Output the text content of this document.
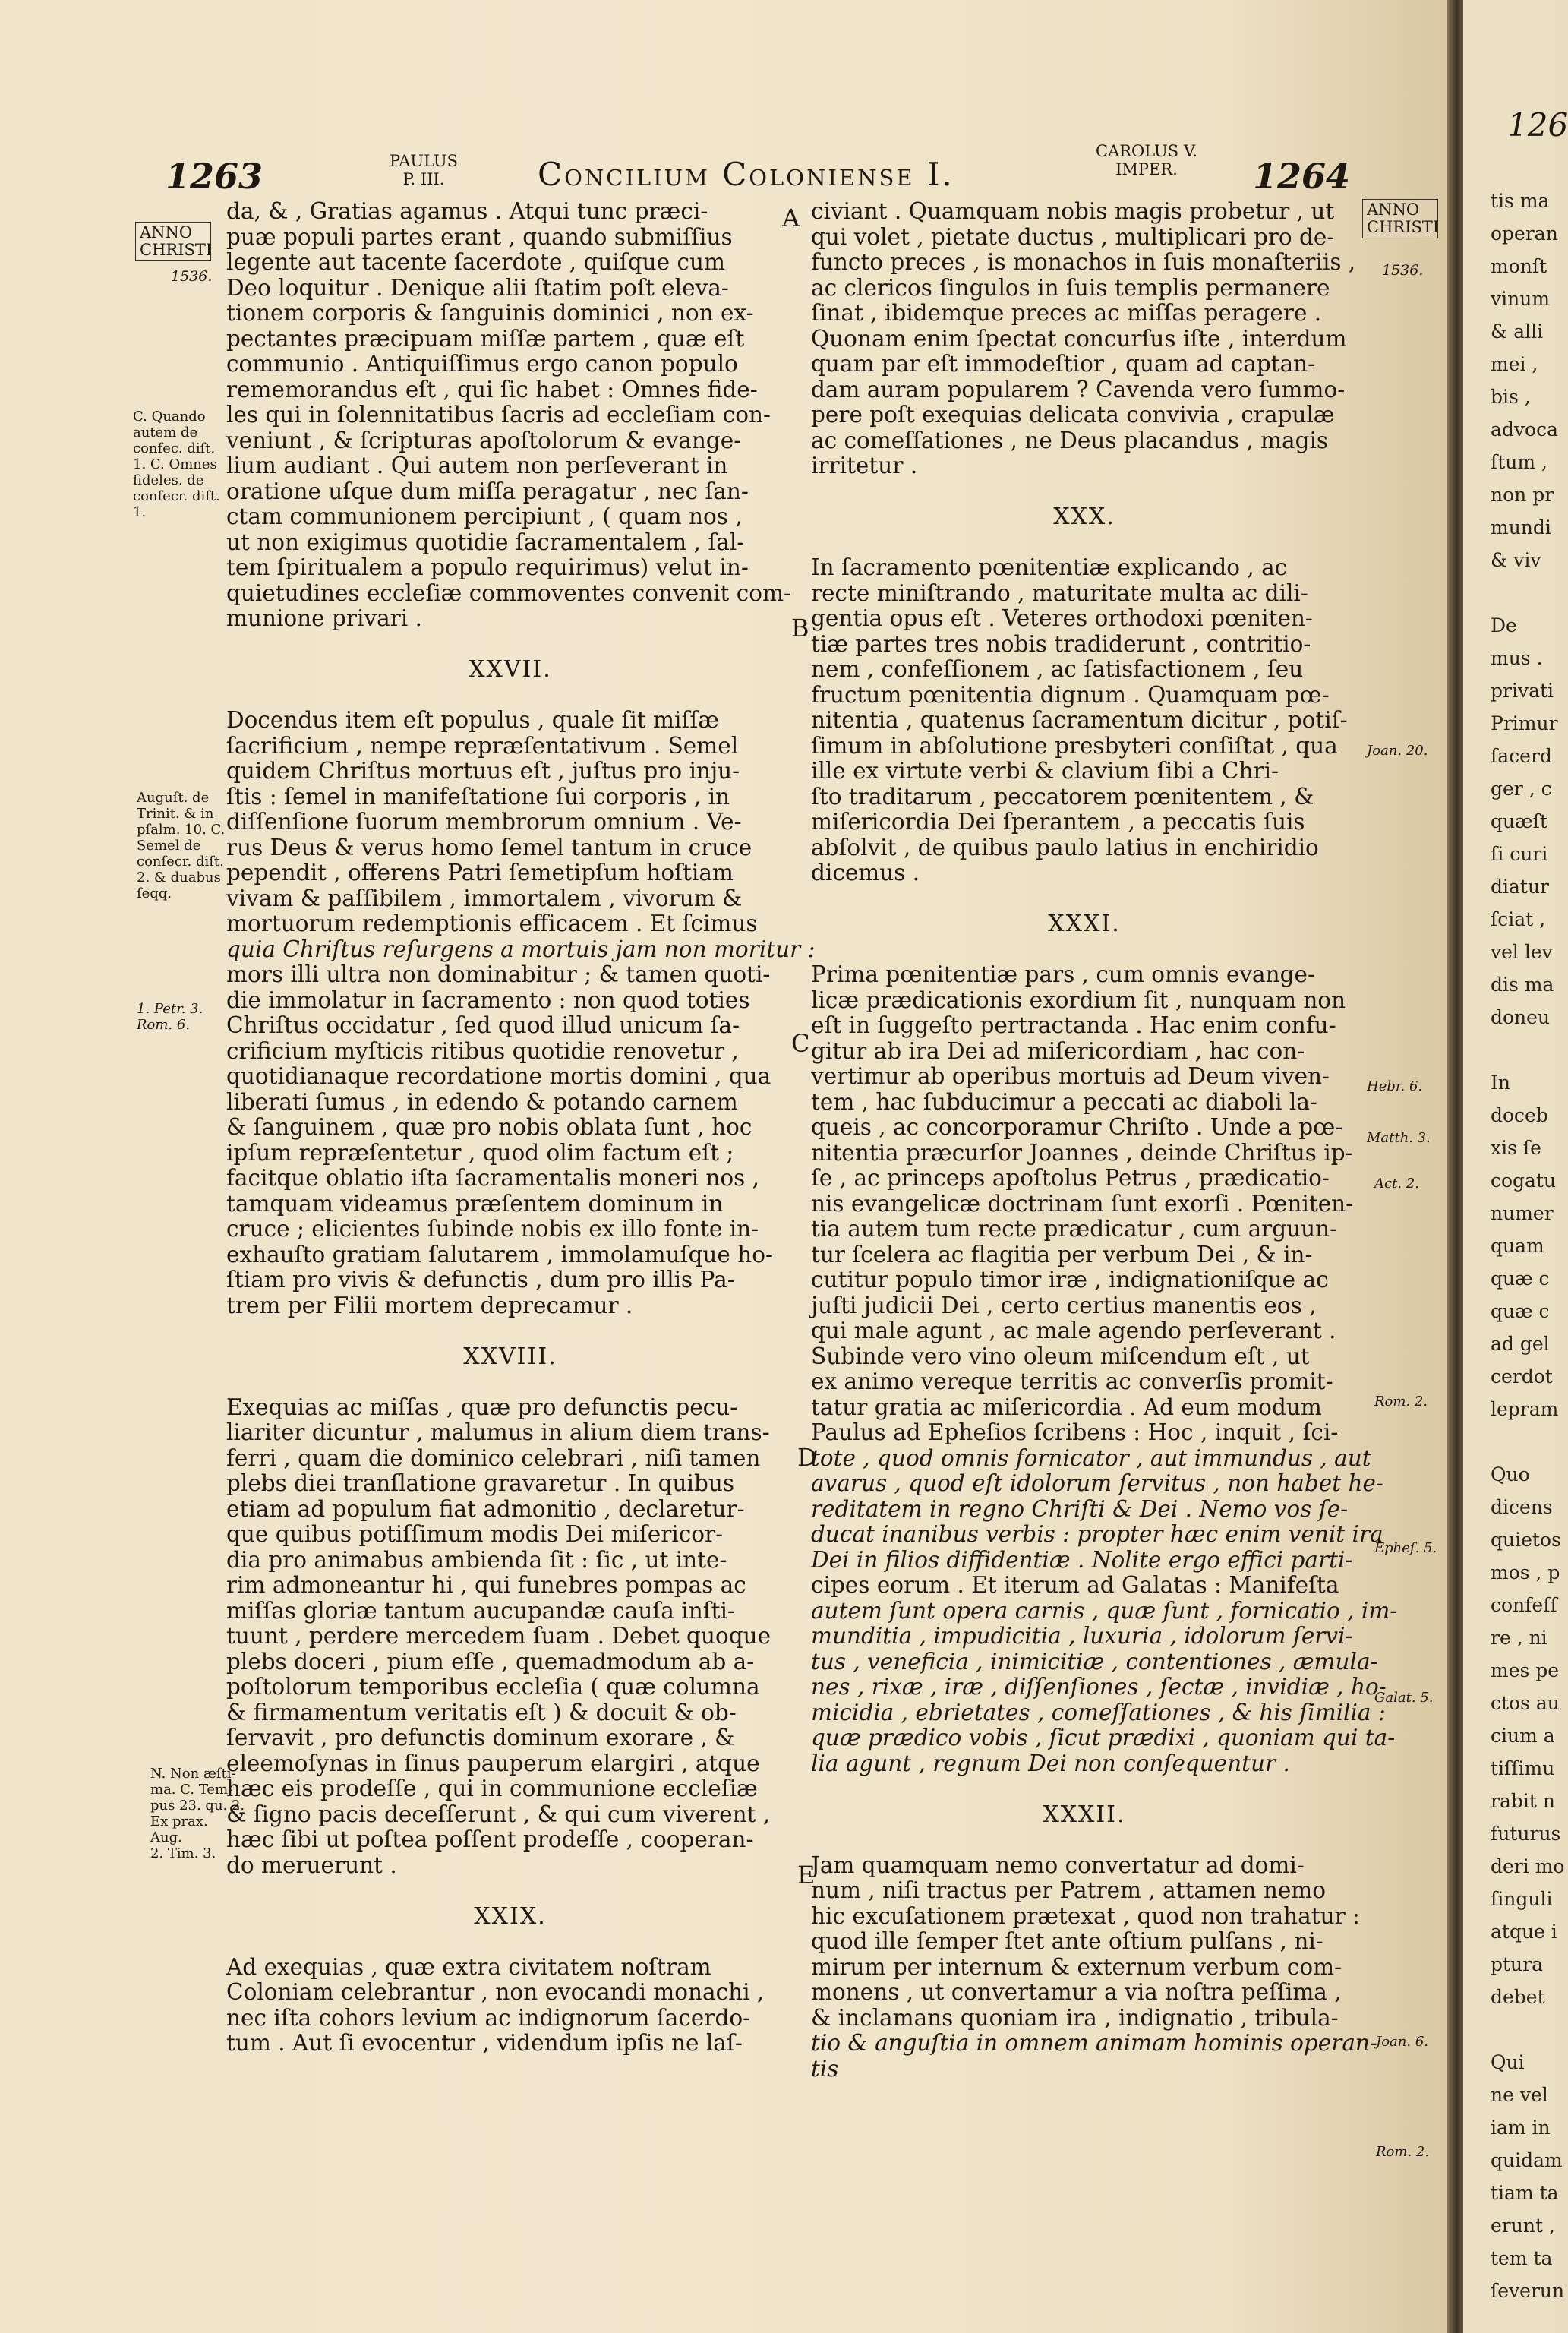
1263	PAULUS
P. III.	Concilium Coloniense I.
CAROLUS V.
IMPER.	1264
ANNO
CHRISTI
1536.
ANNO
CHRISTI
1536.
da, & , Gratias agamus . Atqui tunc præci-
puæ populi partes erant , quando submiſſius
legente aut tacente ſacerdote , quiſque cum
Deo loquitur . Denique alii ſtatim poſt eleva-
tionem corporis & ſanguinis dominici , non ex-
pectantes præcipuam miſſæ partem , quæ eſt
communio . Antiquiſſimus ergo canon populo
rememorandus eſt , qui ſic habet : Omnes fide-
les qui in ſolennitatibus ſacris ad eccleſiam con-
veniunt , & ſcripturas apoſtolorum & evange-
lium audiant . Qui autem non perſeverant in
oratione uſque dum miſſa peragatur , nec ſan-
ctam communionem percipiunt , ( quam nos ,
ut non exigimus quotidie ſacramentalem , ſal-
tem ſpiritualem a populo requirimus) velut in-
quietudines eccleſiæ commoventes convenit com-
munione privari .
XXVII.
Docendus item eſt populus , quale ſit miſſæ
ſacrificium , nempe repræſentativum . Semel
quidem Chriſtus mortuus eſt , juſtus pro inju-
ſtis : ſemel in manifeſtatione ſui corporis , in
diſſenſione ſuorum membrorum omnium . Ve-
rus Deus & verus homo ſemel tantum in cruce
pependit , offerens Patri ſemetipſum hoſtiam
vivam & paſſibilem , immortalem , vivorum &
mortuorum redemptionis efficacem . Et ſcimus
quia Chriſtus reſurgens a mortuis jam non moritur :
mors illi ultra non dominabitur ; & tamen quoti-
die immolatur in ſacramento : non quod toties
Chriſtus occidatur , ſed quod illud unicum ſa-
crificium myſticis ritibus quotidie renovetur ,
quotidianaque recordatione mortis domini , qua
liberati ſumus , in edendo & potando carnem
& ſanguinem , quæ pro nobis oblata ſunt , hoc
ipſum repræſentetur , quod olim factum eſt ;
facitque oblatio iſta ſacramentalis moneri nos ,
tamquam videamus præſentem dominum in
cruce ; elicientes ſubinde nobis ex illo fonte in-
exhauſto gratiam ſalutarem , immolamuſque ho-
ſtiam pro vivis & defunctis , dum pro illis Pa-
trem per Filii mortem deprecamur .
XXVIII.
Exequias ac miſſas , quæ pro defunctis pecu-
liariter dicuntur , malumus in alium diem trans-
ferri , quam die dominico celebrari , niſi tamen
plebs diei tranſlatione gravaretur . In quibus
etiam ad populum fiat admonitio , declaretur-
que quibus potiſſimum modis Dei miſericor-
dia pro animabus ambienda ſit : ſic , ut inte-
rim admoneantur hi , qui funebres pompas ac
miſſas gloriæ tantum aucupandæ cauſa inſti-
tuunt , perdere mercedem ſuam . Debet quoque
plebs doceri , pium eſſe , quemadmodum ab a-
poſtolorum temporibus eccleſia ( quæ columna
& firmamentum veritatis eſt ) & docuit & ob-
ſervavit , pro defunctis dominum exorare , &
eleemoſynas in ſinus pauperum elargiri , atque
hæc eis prodeſſe , qui in communione eccleſiæ
& ſigno pacis deceſſerunt , & qui cum viverent ,
hæc ſibi ut poſtea poſſent prodeſſe , cooperan-
do meruerunt .
XXIX.
Ad exequias , quæ extra civitatem noſtram
Coloniam celebrantur , non evocandi monachi ,
nec iſta cohors levium ac indignorum ſacerdo-
tum . Aut ſi evocentur , videndum ipſis ne laſ-
civiant . Quamquam nobis magis probetur , ut
qui volet , pietate ductus , multiplicari pro de-
functo preces , is monachos in ſuis monaſteriis ,
ac clericos ſingulos in ſuis templis permanere
ſinat , ibidemque preces ac miſſas peragere .
Quonam enim ſpectat concurſus iſte , interdum
quam par eſt immodeſtior , quam ad captan-
dam auram popularem ? Cavenda vero ſummo-
pere poſt exequias delicata convivia , crapulæ
ac comeſſationes , ne Deus placandus , magis
irritetur .
XXX.
In ſacramento pœnitentiæ explicando , ac
recte miniſtrando , maturitate multa ac dili-
gentia opus eſt . Veteres orthodoxi pœniten-
tiæ partes tres nobis tradiderunt , contritio-
nem , confeſſionem , ac ſatisfactionem , ſeu
fructum pœnitentia dignum . Quamquam pœ-
nitentia , quatenus ſacramentum dicitur , potiſ-
ſimum in abſolutione presbyteri conſiſtat , qua
ille ex virtute verbi & clavium ſibi a Chri-
ſto traditarum , peccatorem pœnitentem , &
miſericordia Dei ſperantem , a peccatis ſuis
abſolvit , de quibus paulo latius in enchiridio
dicemus .
XXXI.
Prima pœnitentiæ pars , cum omnis evange-
licæ prædicationis exordium ſit , nunquam non
eſt in ſuggeſto pertractanda . Hac enim confu-
gitur ab ira Dei ad miſericordiam , hac con-
vertimur ab operibus mortuis ad Deum viven-
tem , hac ſubducimur a peccati ac diaboli la-
queis , ac concorporamur Chriſto . Unde a pœ-
nitentia præcurſor Joannes , deinde Chriſtus ip-
ſe , ac princeps apoſtolus Petrus , prædicatio-
nis evangelicæ doctrinam ſunt exorſi . Pœniten-
tia autem tum recte prædicatur , cum arguun-
tur ſcelera ac flagitia per verbum Dei , & in-
cutitur populo timor iræ , indignationiſque ac
juſti judicii Dei , certo certius manentis eos ,
qui male agunt , ac male agendo perſeverant .
Subinde vero vino oleum miſcendum eſt , ut
ex animo vereque territis ac converſis promit-
tatur gratia ac miſericordia . Ad eum modum
Paulus ad Epheſios ſcribens : Hoc , inquit , ſci-
tote , quod omnis fornicator , aut immundus , aut
avarus , quod eſt idolorum ſervitus , non habet he-
reditatem in regno Chriſti & Dei . Nemo vos ſe-
ducat inanibus verbis : propter hæc enim venit ira
Dei in filios diffidentiæ . Nolite ergo effici parti-
cipes eorum . Et iterum ad Galatas : Manifeſta
autem ſunt opera carnis , quæ ſunt , fornicatio , im-
munditia , impudicitia , luxuria , idolorum ſervi-
tus , veneficia , inimicitiæ , contentiones , æmula-
nes , rixæ , iræ , diſſenſiones , ſectæ , invidiæ , ho-
micidia , ebrietates , comeſſationes , & his ſimilia :
quæ prædico vobis , ſicut prædixi , quoniam qui ta-
lia agunt , regnum Dei non conſequentur .
XXXII.
Jam quamquam nemo convertatur ad domi-
num , niſi tractus per Patrem , attamen nemo
hic excuſationem prætexat , quod non trahatur :
quod ille ſemper ſtet ante oſtium pulſans , ni-
mirum per internum & externum verbum com-
monens , ut convertamur a via noſtra peſſima ,
& inclamans quoniam ira , indignatio , tribula-
tio & anguſtia in omnem animam hominis operan-
tis
C. Quando
autem de
confec. diſt.
1. C. Omnes
fideles. de
conſecr. diſt.
1.
Auguſt. de
Trinit. & in
pſalm. 10. C.
Semel de
conſecr. diſt.
2. & duabus
ſeqq.
1. Petr. 3.
Rom. 6.
N. Non æſti-
ma. C. Tem-
pus 23. qu. 2.
Ex prax.
Aug.
2. Tim. 3.
Joan. 20.
Hebr. 6.
Matth. 3.
Act. 2.
Rom. 2.
Epheſ. 5.
Galat. 5.
Joan. 6.
Rom. 2.
A
B
C
D
E
126
tis ma
operan
monſt
vinum
& alli
mei ,
bis ,
advoca
ſtum ,
non pr
mundi
& viv
De
mus .
privati
Primur
ſacerd
ger , c
quæſt
ſi curi
diatur
ſciat ,
vel lev
dis ma
doneu
In
doceb
xis ſe
cogatu
numer
quam
quæ c
quæ c
ad gel
cerdot
lepram
Quo
dicens
quietos
mos , p
confeſſ
re , ni
mes pe
ctos au
cium a
tiſſimu
rabit n
futurus
deri mo
ſinguli
atque i
ptura
debet
Qui
ne vel
iam in
quidam
tiam ta
erunt ,
tem ta
ſeverun
